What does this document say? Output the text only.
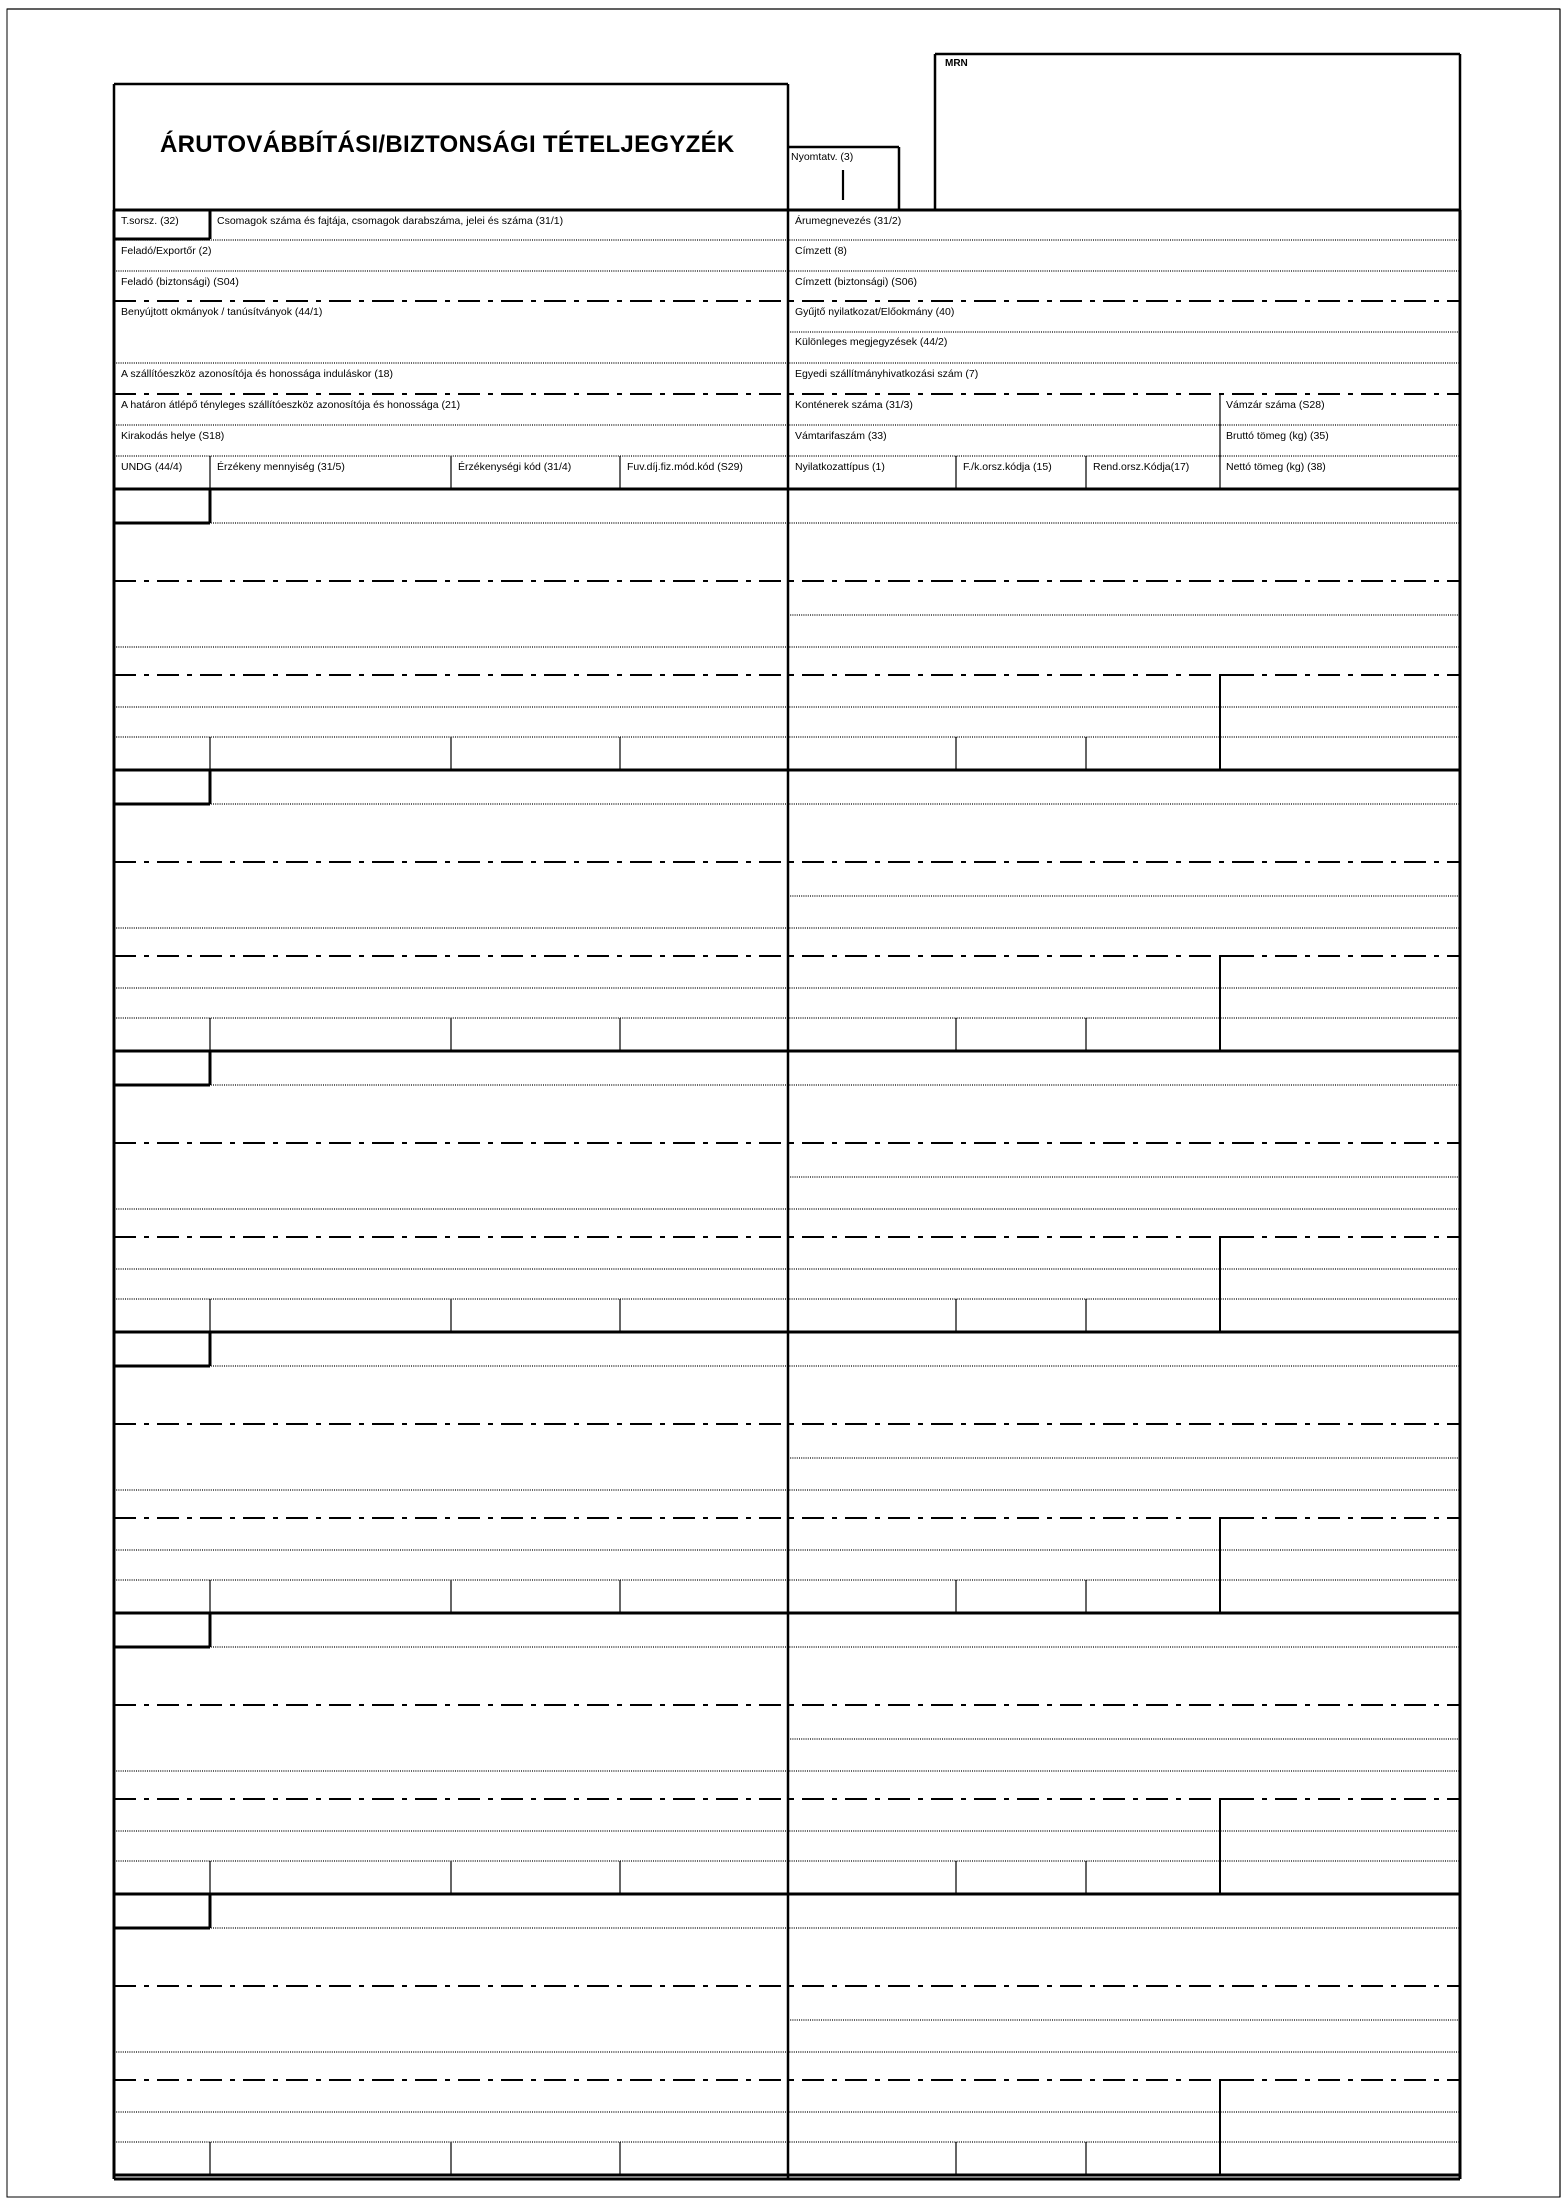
ÁRUTOVÁBBÍTÁSI/BIZTONSÁGI TÉTELJEGYZÉK	Nyomtatv. (3)
MRN
T.sorsz. (32)	Csomagok száma és fajtája, csomagok darabszáma, jelei és száma (31/1)	Árumegnevezés (31/2)
Feladó/Exportőr (2)	Címzett (8)
Feladó (biztonsági) (S04)	Címzett (biztonsági) (S06)
Benyújtott okmányok / tanúsítványok (44/1)	Gyűjtő nyilatkozat/Előokmány (40)
Különleges megjegyzések (44/2)
A szállítóeszköz azonosítója és honossága induláskor (18)	Egyedi szállítmányhivatkozási szám (7)
A határon átlépő tényleges szállítóeszköz azonosítója és honossága (21)	Konténerek száma (31/3)	Vámzár száma (S28)
Kirakodás helye (S18)	Vámtarifaszám (33)	Bruttó tömeg (kg) (35)
UNDG (44/4)	Érzékeny mennyiség (31/5)	Érzékenységi kód (31/4)	Fuv.díj.fiz.mód.kód (S29)	Nyilatkozattípus (1)	F./k.orsz.kódja (15)	Rend.orsz.Kódja(17)	Nettó tömeg (kg) (38)
